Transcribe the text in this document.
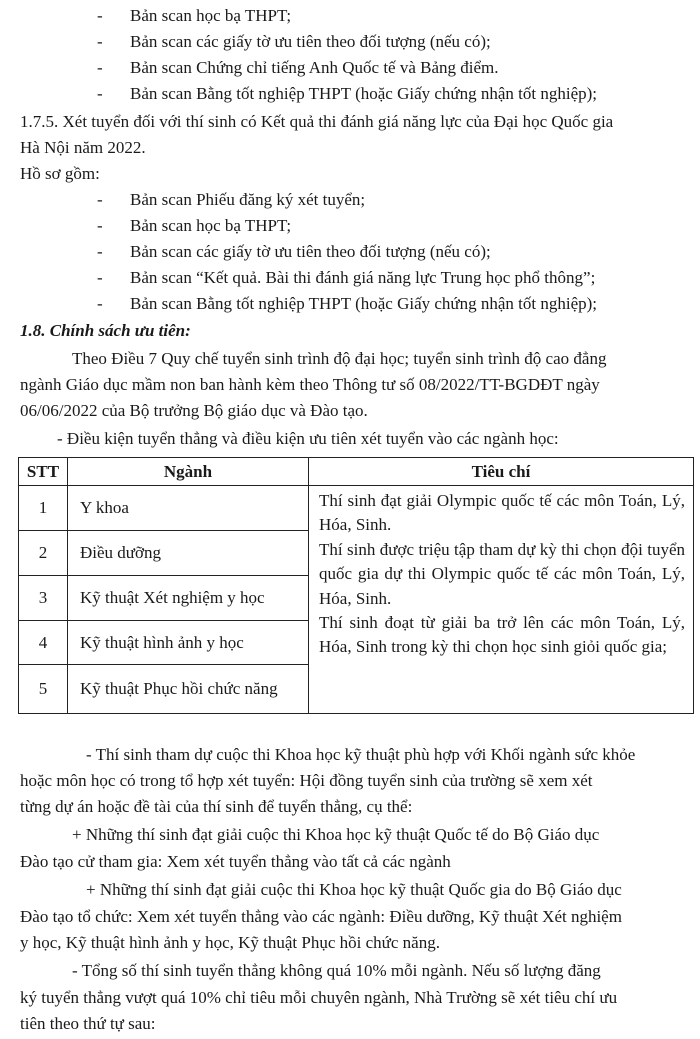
- Bản scan học bạ THPT;
- Bản scan các giấy tờ ưu tiên theo đối tượng (nếu có);
- Bản scan Chứng chỉ tiếng Anh Quốc tế và Bảng điểm.
- Bản scan Bằng tốt nghiệp THPT (hoặc Giấy chứng nhận tốt nghiệp);
1.7.5. Xét tuyển đối với thí sinh có Kết quả thi đánh giá năng lực của Đại học Quốc gia
Hà Nội năm 2022.
Hồ sơ gồm:
- Bản scan Phiếu đăng ký xét tuyển;
- Bản scan học bạ THPT;
- Bản scan các giấy tờ ưu tiên theo đối tượng (nếu có);
- Bản scan “Kết quả. Bài thi đánh giá năng lực Trung học phổ thông”;
- Bản scan Bằng tốt nghiệp THPT (hoặc Giấy chứng nhận tốt nghiệp);
1.8. Chính sách ưu tiên:
Theo Điều 7 Quy chế tuyển sinh trình độ đại học; tuyển sinh trình độ cao đẳng
ngành Giáo dục mầm non ban hành kèm theo Thông tư số 08/2022/TT-BGDĐT ngày
06/06/2022 của Bộ trưởng Bộ giáo dục và Đào tạo.
- Điều kiện tuyển thẳng và điều kiện ưu tiên xét tuyển vào các ngành học:
STT	Ngành	Tiêu chí
1	Y khoa	Thí sinh đạt giải Olympic quốc tế các môn Toán, Lý, Hóa, Sinh.

Thí sinh được triệu tập tham dự kỳ thi chọn đội tuyển quốc gia dự thi Olympic quốc tế các môn Toán, Lý, Hóa, Sinh.

Thí sinh đoạt từ giải ba trở lên các môn Toán, Lý, Hóa, Sinh trong kỳ thi chọn học sinh giỏi quốc gia;

2	Điều dưỡng	
3	Kỹ thuật Xét nghiệm y học	
4	Kỹ thuật hình ảnh y học	
5	Kỹ thuật Phục hồi chức năng	
- Thí sinh tham dự cuộc thi Khoa học kỹ thuật phù hợp với Khối ngành sức khỏe
hoặc môn học có trong tổ hợp xét tuyển: Hội đồng tuyển sinh của trường sẽ xem xét
từng dự án hoặc đề tài của thí sinh để tuyển thẳng, cụ thể:
+ Những thí sinh đạt giải cuộc thi Khoa học kỹ thuật Quốc tế do Bộ Giáo dục
Đào tạo cử tham gia: Xem xét tuyển thẳng vào tất cả các ngành
+ Những thí sinh đạt giải cuộc thi Khoa học kỹ thuật Quốc gia do Bộ Giáo dục
Đào tạo tổ chức: Xem xét tuyển thẳng vào các ngành: Điều dưỡng, Kỹ thuật Xét nghiệm
y học, Kỹ thuật hình ảnh y học, Kỹ thuật Phục hồi chức năng.
- Tổng số thí sinh tuyển thẳng không quá 10% mỗi ngành. Nếu số lượng đăng
ký tuyển thẳng vượt quá 10% chỉ tiêu mỗi chuyên ngành, Nhà Trường sẽ xét tiêu chí ưu
tiên theo thứ tự sau:
